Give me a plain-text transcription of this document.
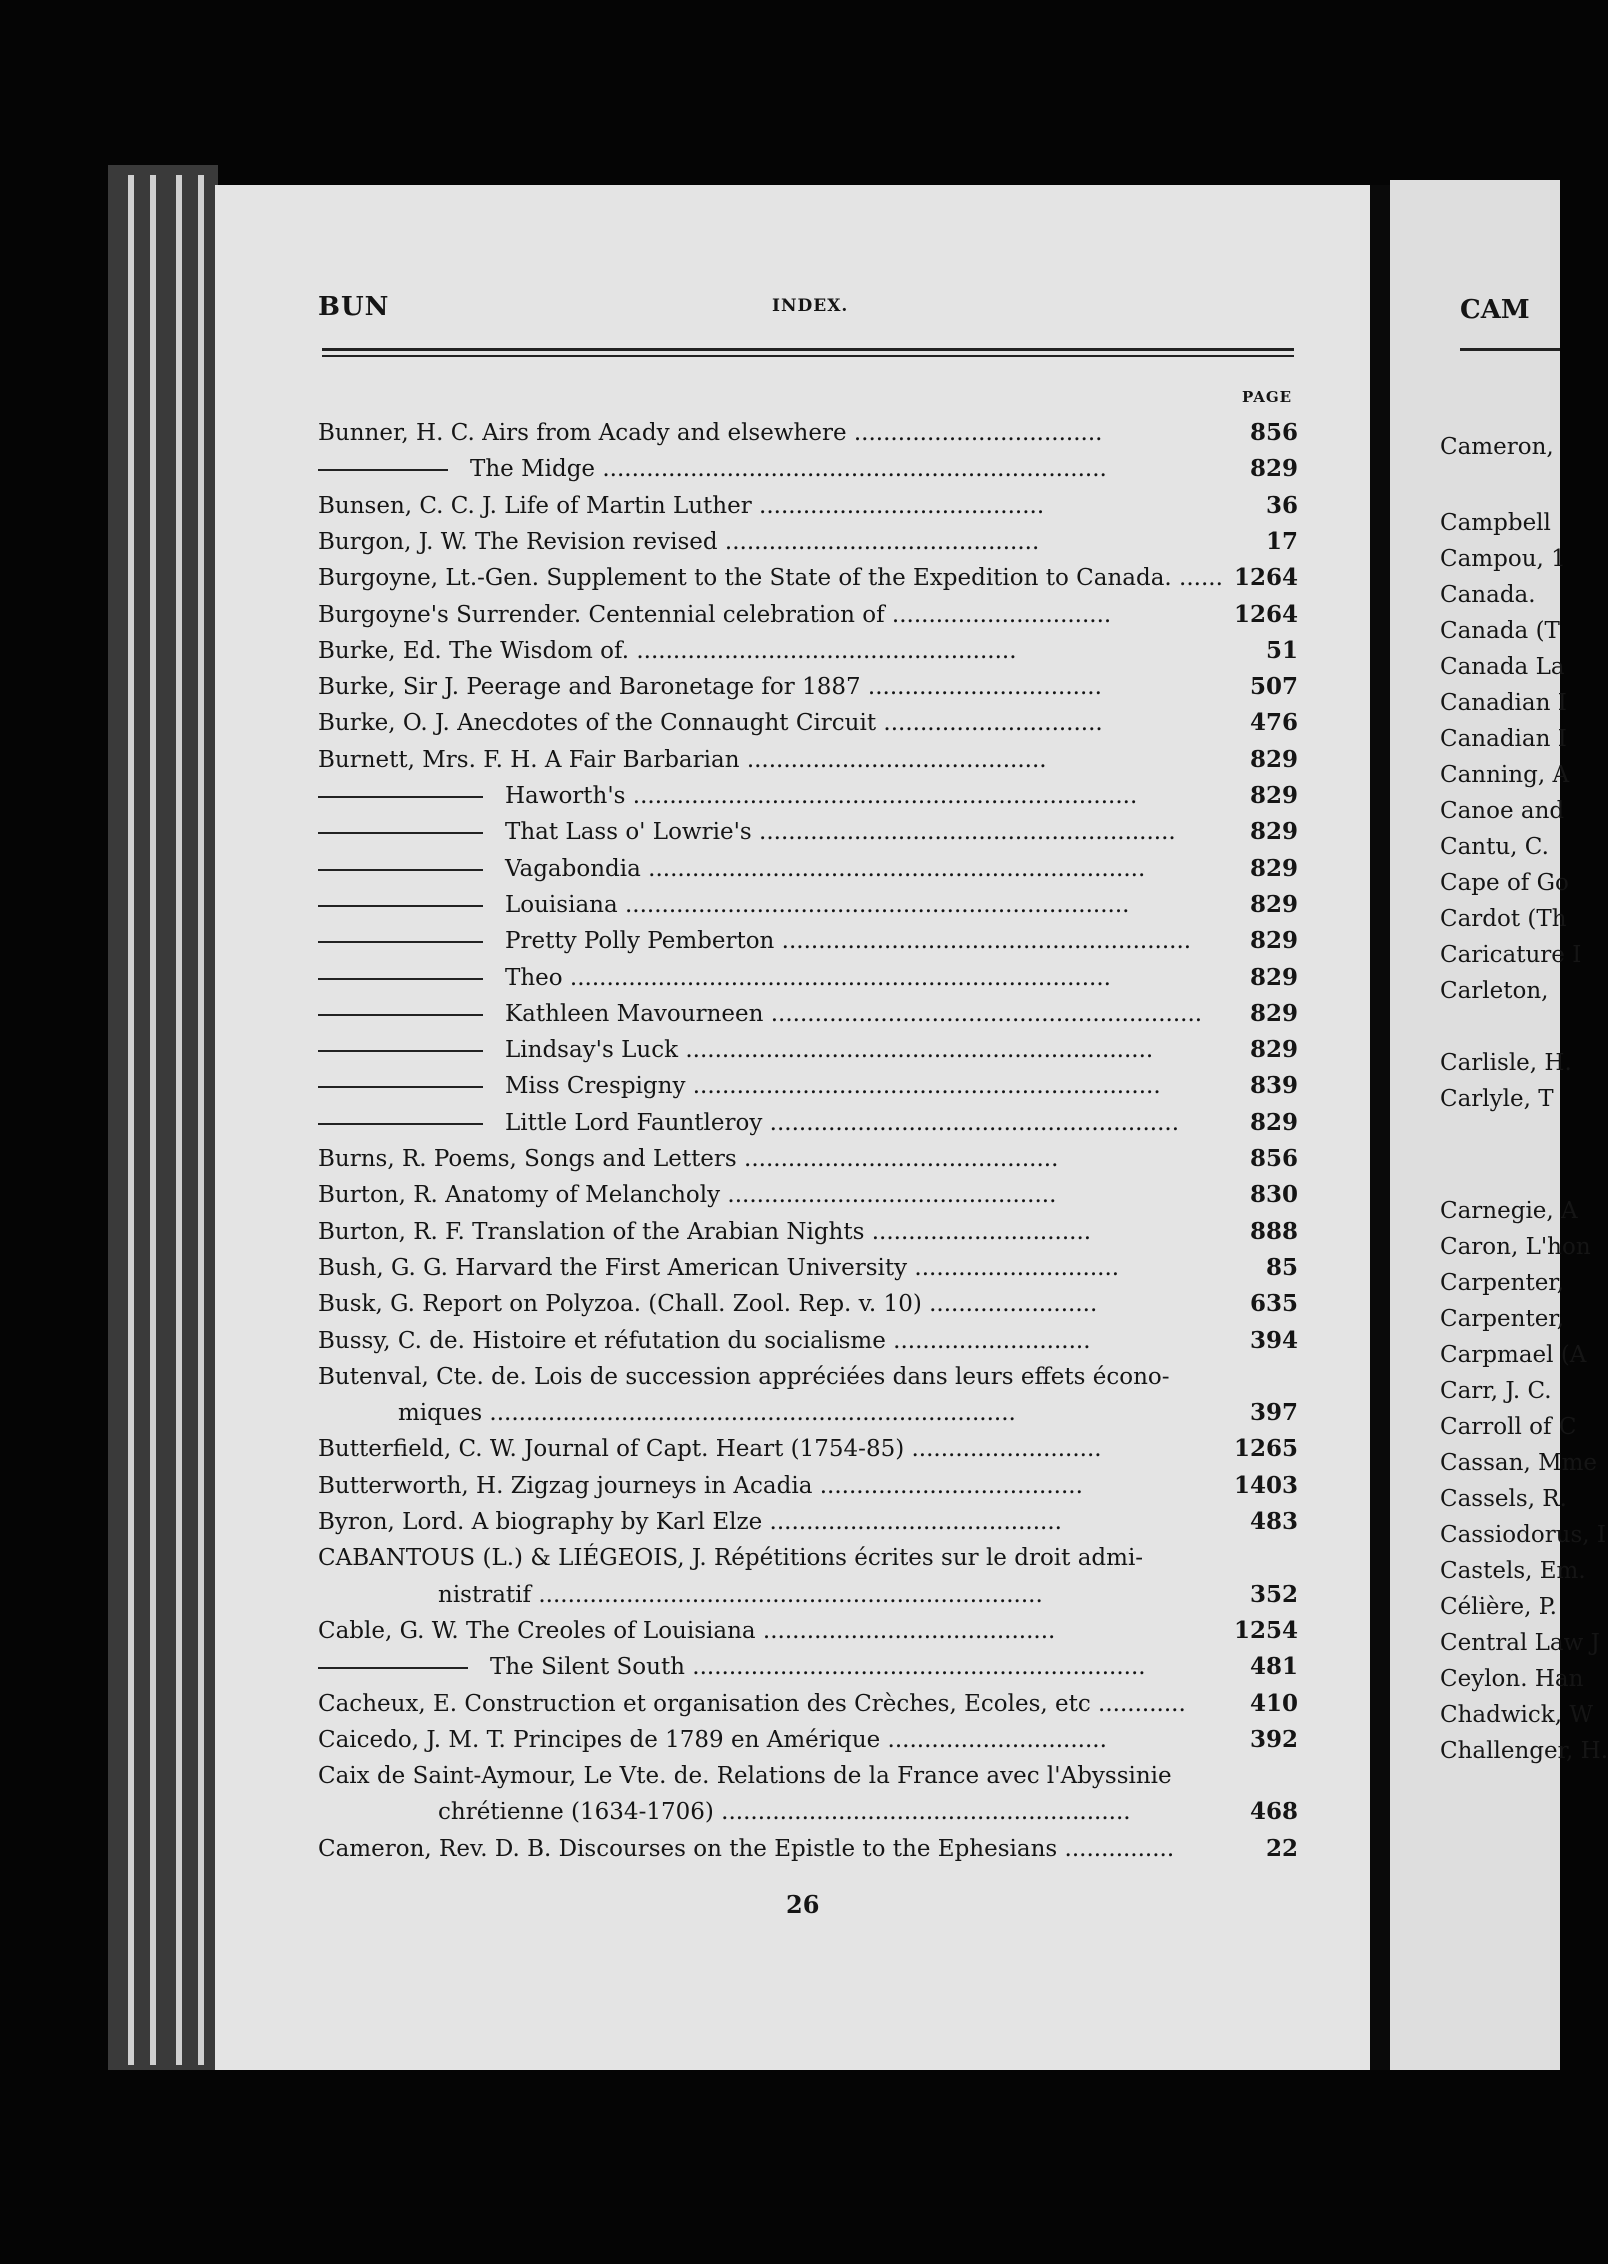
BUN	INDEX.
PAGE
Bunner, H. C. Airs from Acady and elsewhere ..................................	856
The Midge .....................................................................	829
Bunsen, C. C. J. Life of Martin Luther .......................................	36
Burgon, J. W. The Revision revised ...........................................	17
Burgoyne, Lt.-Gen. Supplement to the State of the Expedition to Canada. ...... 1264
Burgoyne's Surrender. Centennial celebration of ..............................	1264
Burke, Ed. The Wisdom of. ....................................................	51
Burke, Sir J. Peerage and Baronetage for 1887 ................................	507
Burke, O. J. Anecdotes of the Connaught Circuit ..............................	476
Burnett, Mrs. F. H. A Fair Barbarian .........................................	829
Haworth's .....................................................................	829
That Lass o' Lowrie's .........................................................	829
Vagabondia ....................................................................	829
Louisiana .....................................................................	829
Pretty Polly Pemberton ........................................................	829
Theo ..........................................................................	829
Kathleen Mavourneen ........................................................... 829
Lindsay's Luck ................................................................	829
Miss Crespigny ................................................................	839
Little Lord Fauntleroy ........................................................	829
Burns, R. Poems, Songs and Letters ...........................................	856
Burton, R. Anatomy of Melancholy .............................................	830
Burton, R. F. Translation of the Arabian Nights ..............................	888
Bush, G. G. Harvard the First American University ............................	85
Busk, G. Report on Polyzoa. (Chall. Zool. Rep. v. 10) .......................	635
Bussy, C. de. Histoire et réfutation du socialisme ...........................	394
Butenval, Cte. de. Lois de succession appréciées dans leurs effets écono-
miques ........................................................................	397
Butterfield, C. W. Journal of Capt. Heart (1754-85) ..........................	1265
Butterworth, H. Zigzag journeys in Acadia ....................................	1403
Byron, Lord. A biography by Karl Elze ........................................	483
CABANTOUS (L.) & LIÉGEOIS, J. Répétitions écrites sur le droit admi-
nistratif .....................................................................	352
Cable, G. W. The Creoles of Louisiana ........................................	1254
The Silent South ..............................................................	481
Cacheux, E. Construction et organisation des Crèches, Ecoles, etc ............	410
Caicedo, J. M. T. Principes de 1789 en Amérique ..............................	392
Caix de Saint-Aymour, Le Vte. de. Relations de la France avec l'Abyssinie
chrétienne (1634-1706) ........................................................	468
Cameron, Rev. D. B. Discourses on the Epistle to the Ephesians ...............	22
26
CAM
Cameron,
Campbell
Campou, 1
Canada.
Canada (T
Canada La
Canadian I
Canadian I
Canning, A
Canoe and
Cantu, C.
Cape of Go
Cardot (Th
Caricature I
Carleton,
Carlisle, H.
Carlyle, T
Carnegie, A
Caron, L'hon
Carpenter,
Carpenter,
Carpmael (A
Carr, J. C.
Carroll of C
Cassan, Mme
Cassels, R.
Cassiodorus, I
Castels, Em.
Célière, P.
Central Law J
Ceylon. Han
Chadwick, W
Challenger, H.
